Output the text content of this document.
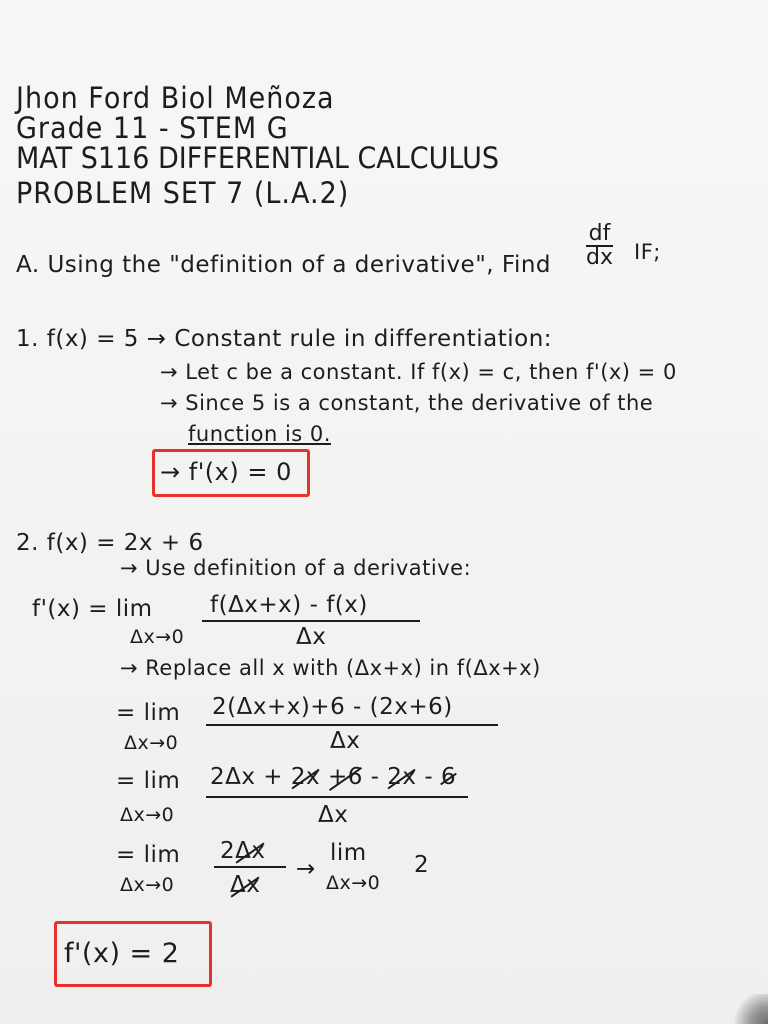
Jhon Ford Biol Meñoza
Grade 11 - STEM G
MAT S116 DIFFERENTIAL CALCULUS
PROBLEM SET 7 (L.A.2)
A. Using the "definition of a derivative", Find
df
dx IF;
1. f(x) = 5 → Constant rule in differentiation:
→ Let c be a constant. If f(x) = c, then f'(x) = 0
→ Since 5 is a constant, the derivative of the
function is 0.
→ f'(x) = 0
2. f(x) = 2x + 6
→ Use definition of a derivative:
f'(x) = lim
Δx→0
f(Δx+x) - f(x)
Δx
→ Replace all x with (Δx+x) in f(Δx+x)
= lim
Δx→0
2(Δx+x)+6 - (2x+6)
Δx
= lim
Δx→0
2Δx + 2x +6 - 2x - 6
Δx
= lim
Δx→0
2Δx
Δx
→
lim
Δx→0
2
f'(x) = 2
